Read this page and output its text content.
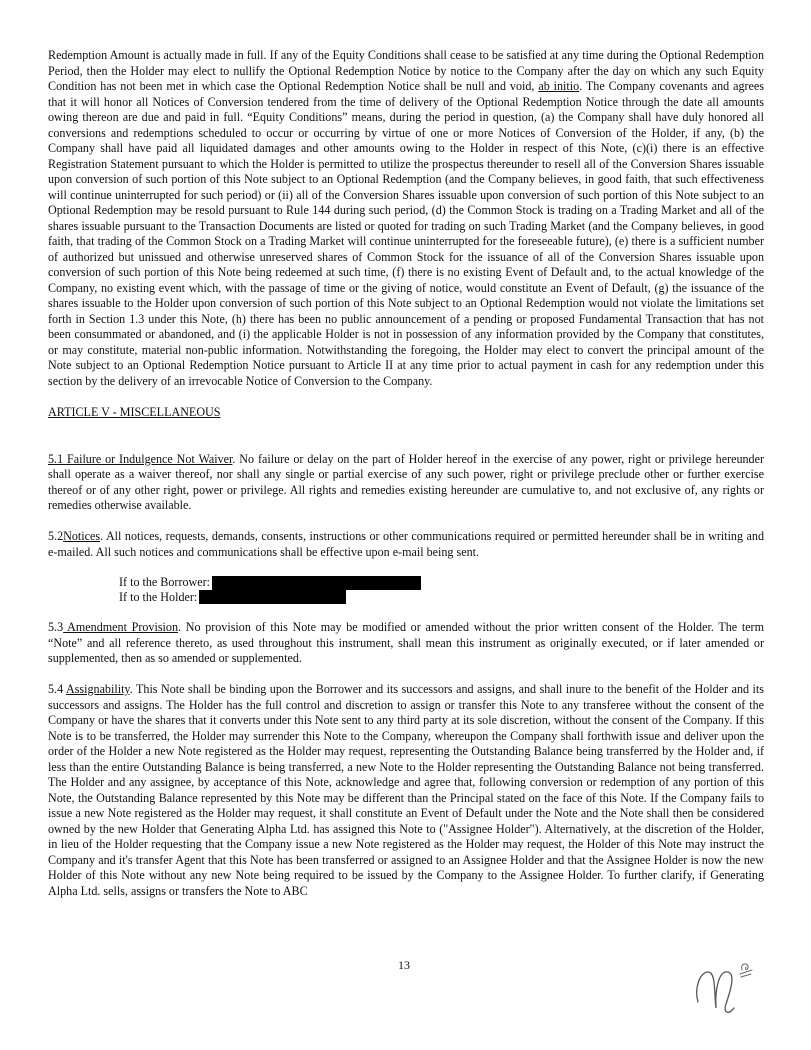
Redemption Amount is actually made in full. If any of the Equity Conditions shall cease to be satisfied at any time during the Optional Redemption Period, then the Holder may elect to nullify the Optional Redemption Notice by notice to the Company after the day on which any such Equity Condition has not been met in which case the Optional Redemption Notice shall be null and void, ab initio. The Company covenants and agrees that it will honor all Notices of Conversion tendered from the time of delivery of the Optional Redemption Notice through the date all amounts owing thereon are due and paid in full. “Equity Conditions” means, during the period in question, (a) the Company shall have duly honored all conversions and redemptions scheduled to occur or occurring by virtue of one or more Notices of Conversion of the Holder, if any, (b) the Company shall have paid all liquidated damages and other amounts owing to the Holder in respect of this Note, (c)(i) there is an effective Registration Statement pursuant to which the Holder is permitted to utilize the prospectus thereunder to resell all of the Conversion Shares issuable upon conversion of such portion of this Note subject to an Optional Redemption (and the Company believes, in good faith, that such effectiveness will continue uninterrupted for such period) or (ii) all of the Conversion Shares issuable upon conversion of such portion of this Note subject to an Optional Redemption may be resold pursuant to Rule 144 during such period, (d) the Common Stock is trading on a Trading Market and all of the shares issuable pursuant to the Transaction Documents are listed or quoted for trading on such Trading Market (and the Company believes, in good faith, that trading of the Common Stock on a Trading Market will continue uninterrupted for the foreseeable future), (e) there is a sufficient number of authorized but unissued and otherwise unreserved shares of Common Stock for the issuance of all of the Conversion Shares issuable upon conversion of such portion of this Note being redeemed at such time, (f) there is no existing Event of Default and, to the actual knowledge of the Company, no existing event which, with the passage of time or the giving of notice, would constitute an Event of Default, (g) the issuance of the shares issuable to the Holder upon conversion of such portion of this Note subject to an Optional Redemption would not violate the limitations set forth in Section 1.3 under this Note, (h) there has been no public announcement of a pending or proposed Fundamental Transaction that has not been consummated or abandoned, and (i) the applicable Holder is not in possession of any information provided by the Company that constitutes, or may constitute, material non-public information. Notwithstanding the foregoing, the Holder may elect to convert the principal amount of the Note subject to an Optional Redemption Notice pursuant to Article II at any time prior to actual payment in cash for any redemption under this section by the delivery of an irrevocable Notice of Conversion to the Company.

ARTICLE V - MISCELLANEOUS

5.1 Failure or Indulgence Not Waiver. No failure or delay on the part of Holder hereof in the exercise of any power, right or privilege hereunder shall operate as a waiver thereof, nor shall any single or partial exercise of any such power, right or privilege preclude other or further exercise thereof or of any other right, power or privilege. All rights and remedies existing hereunder are cumulative to, and not exclusive of, any rights or remedies otherwise available.

5.2Notices. All notices, requests, demands, consents, instructions or other communications required or permitted hereunder shall be in writing and e-mailed. All such notices and communications shall be effective upon e-mail being sent.

If to the Borrower:
If to the Holder:

5.3 Amendment Provision. No provision of this Note may be modified or amended without the prior written consent of the Holder. The term “Note” and all reference thereto, as used throughout this instrument, shall mean this instrument as originally executed, or if later amended or supplemented, then as so amended or supplemented.

5.4 Assignability. This Note shall be binding upon the Borrower and its successors and assigns, and shall inure to the benefit of the Holder and its successors and assigns. The Holder has the full control and discretion to assign or transfer this Note to any transferee without the consent of the Company or have the shares that it converts under this Note sent to any third party at its sole discretion, without the consent of the Company. If this Note is to be transferred, the Holder may surrender this Note to the Company, whereupon the Company shall forthwith issue and deliver upon the order of the Holder a new Note registered as the Holder may request, representing the Outstanding Balance being transferred by the Holder and, if less than the entire Outstanding Balance is being transferred, a new Note to the Holder representing the Outstanding Balance not being transferred. The Holder and any assignee, by acceptance of this Note, acknowledge and agree that, following conversion or redemption of any portion of this Note, the Outstanding Balance represented by this Note may be different than the Principal stated on the face of this Note. If the Company fails to issue a new Note registered as the Holder may request, it shall constitute an Event of Default under the Note and the Note shall then be considered owned by the new Holder that Generating Alpha Ltd. has assigned this Note to ("Assignee Holder"). Alternatively, at the discretion of the Holder, in lieu of the Holder requesting that the Company issue a new Note registered as the Holder may request, the Holder of this Note may instruct the Company and it's transfer Agent that this Note has been transferred or assigned to an Assignee Holder and that the Assignee Holder is now the new Holder of this Note without any new Note being required to be issued by the Company to the Assignee Holder. To further clarify, if Generating Alpha Ltd. sells, assigns or transfers the Note to ABC

13
